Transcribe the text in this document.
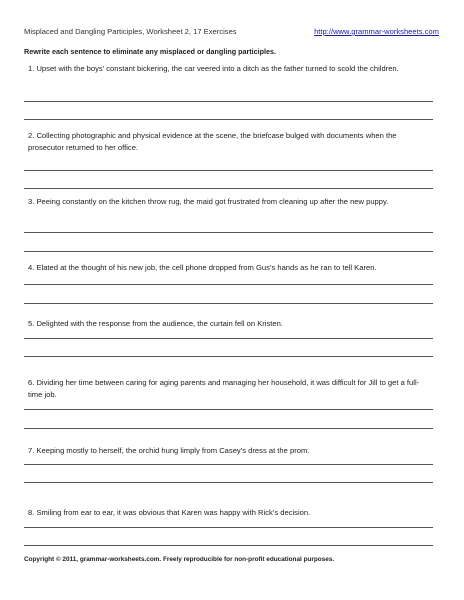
Misplaced and Dangling Participles, Worksheet 2, 17 Exercises	http://www.grammar-worksheets.com
Rewrite each sentence to eliminate any misplaced or dangling participles.
1. Upset with the boys’ constant bickering, the car veered into a ditch as the father turned to scold the children.
2. Collecting photographic and physical evidence at the scene, the briefcase bulged with documents when the prosecutor returned to her office.
3. Peeing constantly on the kitchen throw rug, the maid got frustrated from cleaning up after the new puppy.
4. Elated at the thought of his new job, the cell phone dropped from Gus’s hands as he ran to tell Karen.
5. Delighted with the response from the audience, the curtain fell on Kristen.
6. Dividing her time between caring for aging parents and managing her household, it was difficult for Jill to get a full-time job.
7. Keeping mostly to herself, the orchid hung limply from Casey’s dress at the prom.
8. Smiling from ear to ear, it was obvious that Karen was happy with Rick’s decision.
Copyright © 2011, grammar-worksheets.com. Freely reproducible for non-profit educational purposes.
